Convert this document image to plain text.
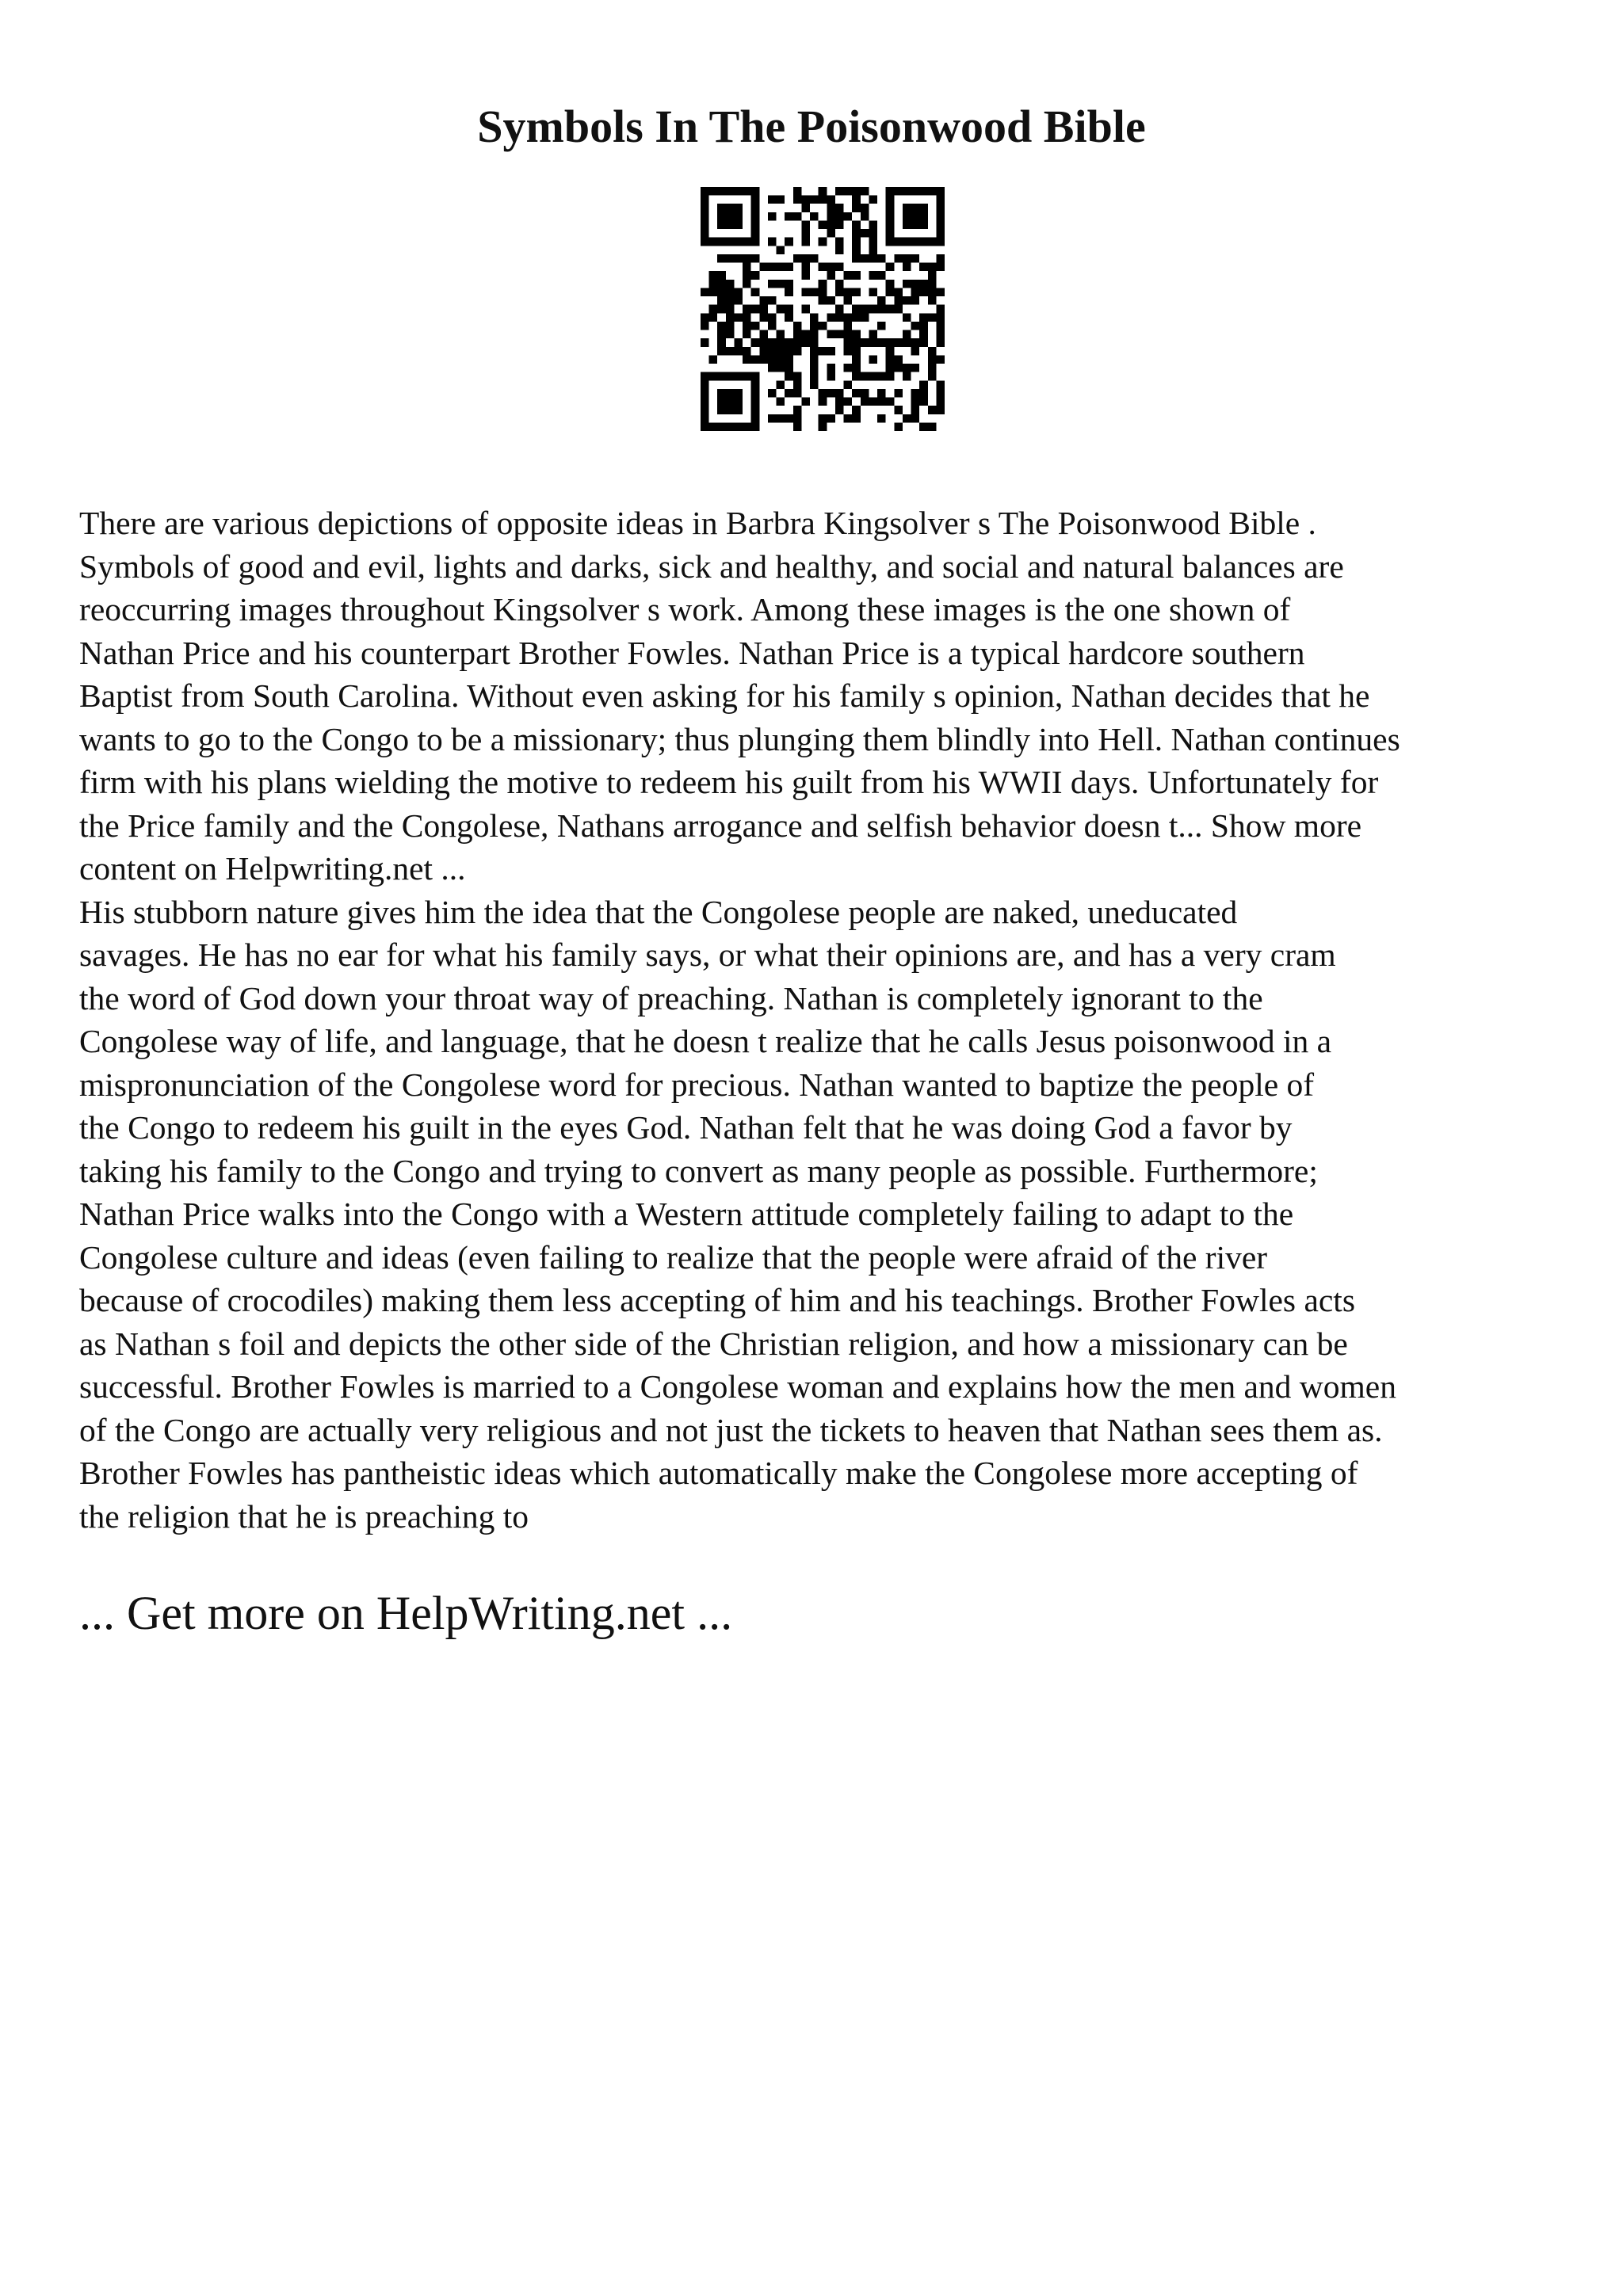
Symbols In The Poisonwood Bible

There are various depictions of opposite ideas in Barbra Kingsolver s The Poisonwood Bible .
Symbols of good and evil, lights and darks, sick and healthy, and social and natural balances are
reoccurring images throughout Kingsolver s work. Among these images is the one shown of
Nathan Price and his counterpart Brother Fowles. Nathan Price is a typical hardcore southern
Baptist from South Carolina. Without even asking for his family s opinion, Nathan decides that he
wants to go to the Congo to be a missionary; thus plunging them blindly into Hell. Nathan continues
firm with his plans wielding the motive to redeem his guilt from his WWII days. Unfortunately for
the Price family and the Congolese, Nathans arrogance and selfish behavior doesn t... Show more
content on Helpwriting.net ...

His stubborn nature gives him the idea that the Congolese people are naked, uneducated
savages. He has no ear for what his family says, or what their opinions are, and has a very cram
the word of God down your throat way of preaching. Nathan is completely ignorant to the
Congolese way of life, and language, that he doesn t realize that he calls Jesus poisonwood in a
mispronunciation of the Congolese word for precious. Nathan wanted to baptize the people of
the Congo to redeem his guilt in the eyes God. Nathan felt that he was doing God a favor by
taking his family to the Congo and trying to convert as many people as possible. Furthermore;
Nathan Price walks into the Congo with a Western attitude completely failing to adapt to the
Congolese culture and ideas (even failing to realize that the people were afraid of the river
because of crocodiles) making them less accepting of him and his teachings. Brother Fowles acts
as Nathan s foil and depicts the other side of the Christian religion, and how a missionary can be
successful. Brother Fowles is married to a Congolese woman and explains how the men and women
of the Congo are actually very religious and not just the tickets to heaven that Nathan sees them as.
Brother Fowles has pantheistic ideas which automatically make the Congolese more accepting of
the religion that he is preaching to

... Get more on HelpWriting.net ...
